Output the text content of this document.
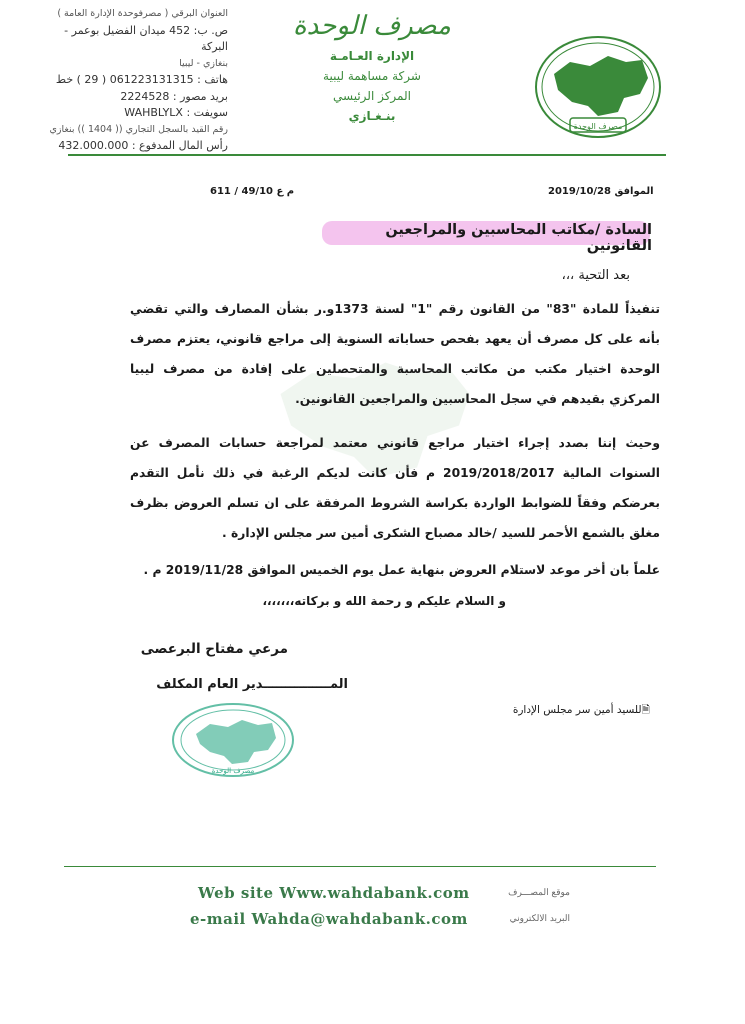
العنوان البرقي ( مصرفوحدة الإدارة العامة )
ص. ب: 452 ميدان الفضيل بوعمر - البركة
بنغازي - ليبيا
هاتف : 061223131315 ( 29 ) خط
بريد مصور : 2224528
سويفت : WAHBLYLX
رقم القيد بالسجل التجاري (( 1404 )) بنغازي
رأس المال المدفوع : 432.000.000
مصرف الوحدة
الإدارة العـامـة
شركة مساهمة ليبية
المركز الرئيسي
بنـغـازي
مصرف الوحدة
م ع 49/10 / 611	الموافق 2019/10/28
السادة /مكاتب المحاسبين والمراجعين القانونين
بعد التحية ،،،
تنفيذاً للمادة "83" من القانون رقم "1" لسنة 1373و.ر بشأن المصارف والتي تقضي بأنه على كل مصرف أن يعهد بفحص حساباته السنوية إلى مراجع قانوني، يعتزم مصرف الوحدة اختيار مكتب من مكاتب المحاسبة والمتحصلين على إفادة من مصرف ليبيا المركزي بقيدهم في سجل المحاسبين والمراجعين القانونين.
وحيث إننا بصدد إجراء اختيار مراجع قانوني معتمد لمراجعة حسابات المصرف عن السنوات المالية 2019/2018/2017 م فأن كانت لديكم الرغبة في ذلك نأمل التقدم بعرضكم وفقاً للضوابط الواردة بكراسة الشروط المرفقة على ان تسلم العروض بظرف مغلق بالشمع الأحمر للسيد /خالد مصباح الشكرى أمين سر مجلس الإدارة .
علماً بان أخر موعد لاستلام العروض بنهاية عمل يوم الخميس الموافق 2019/11/28 م .
و السلام عليكم و رحمة الله و بركاته،،،،،،،
مرعي مفتاح البرعصى
المـــــــــــــــدير العام المكلف
🗎للسيد أمين سر مجلس الإدارة
مصرف الوحدة
Web site Www.wahdabank.com	موقع المصـــرف
e-mail Wahda@wahdabank.com	البريد الالكتروني
